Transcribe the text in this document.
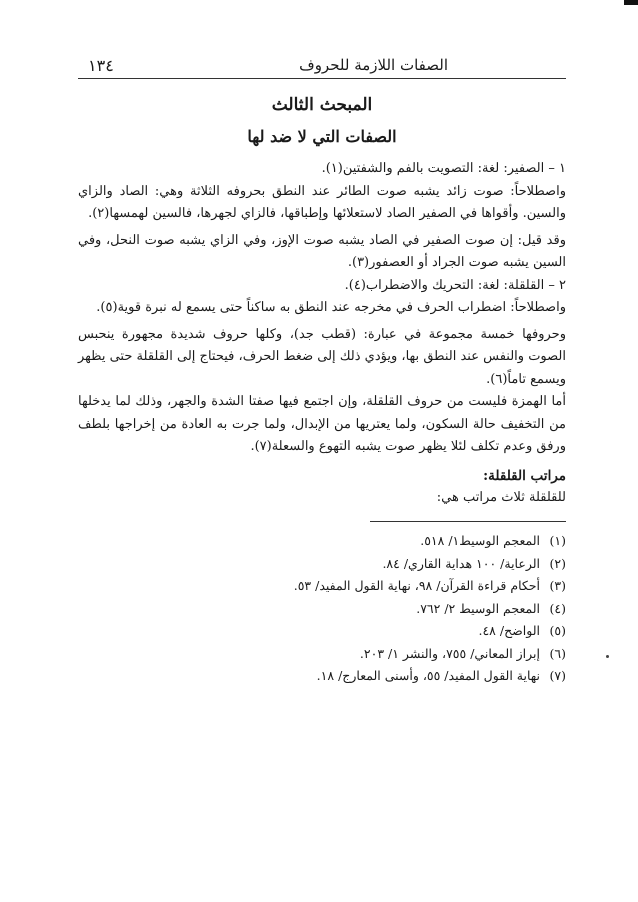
الصفات اللازمة للحروف
١٣٤
المبحث الثالث
الصفات التي لا ضد لها

١ – الصفير: لغة: التصويت بالفم والشفتين(١).

واصطلاحاً: صوت زائد يشبه صوت الطائر عند النطق بحروفه الثلاثة وهي: الصاد والزاي والسين. وأقواها في الصفير الصاد لاستعلائها وإطباقها، فالزاي لجهرها، فالسين لهمسها(٢).

وقد قيل: إن صوت الصفير في الصاد يشبه صوت الإوز، وفي الزاي يشبه صوت النحل، وفي السين يشبه صوت الجراد أو العصفور(٣).

٢ – القلقلة: لغة: التحريك والاضطراب(٤).

واصطلاحاً: اضطراب الحرف في مخرجه عند النطق به ساكناً حتى يسمع له نبرة قوية(٥).

وحروفها خمسة مجموعة في عبارة: (قطب جد)، وكلها حروف شديدة مجهورة ينحبس الصوت والنفس عند النطق بها، ويؤدي ذلك إلى ضغط الحرف، فيحتاج إلى القلقلة حتى يظهر ويسمع تاماً(٦).

أما الهمزة فليست من حروف القلقلة، وإن اجتمع فيها صفتا الشدة والجهر، وذلك لما يدخلها من التخفيف حالة السكون، ولما يعتريها من الإبدال، ولما جرت به العادة من إخراجها بلطف ورفق وعدم تكلف لئلا يظهر صوت يشبه التهوع والسعلة(٧).

مراتب القلقلة:

للقلقلة ثلاث مراتب هي:

(١)المعجم الوسيط١/ ٥١٨.
(٢)الرعاية/ ١٠٠ هداية القاري/ ٨٤.
(٣)أحكام قراءة القرآن/ ٩٨، نهاية القول المفيد/ ٥٣.
(٤)المعجم الوسيط ٢/ ٧٦٢.
(٥)الواضح/ ٤٨.
(٦)إبراز المعاني/ ٧٥٥، والنشر ١/ ٢٠٣.
(٧)نهاية القول المفيد/ ٥٥، وأسنى المعارج/ ١٨.
